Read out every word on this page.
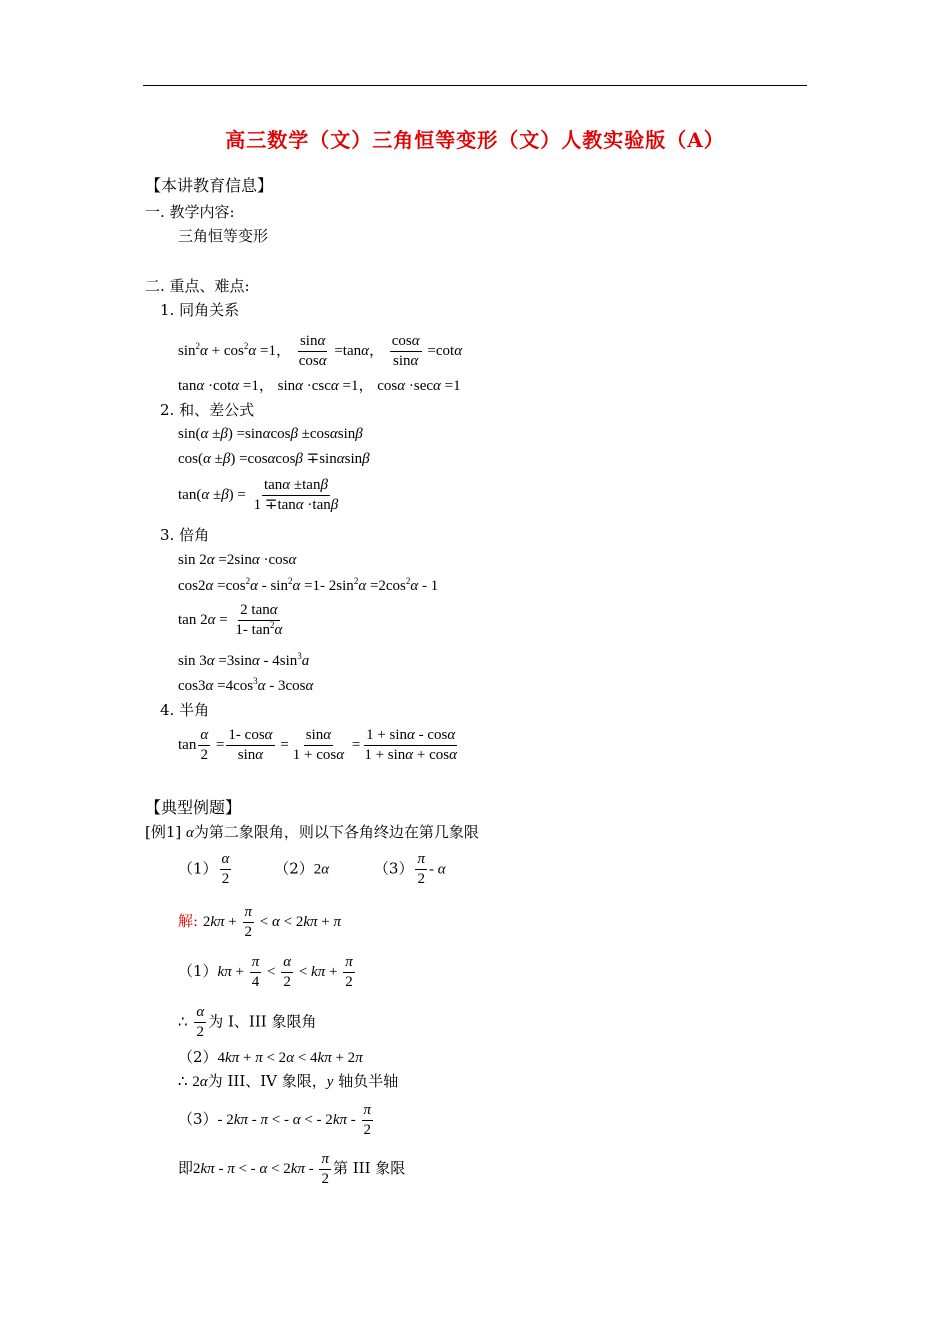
高三数学（文）三角恒等变形（文）人教实验版（A）
【本讲教育信息】
一. 教学内容:
三角恒等变形
二. 重点、难点:
1. 同角关系
$\sin^2\alpha + \cos^2\alpha =1$， $\frac{\sin\alpha}{\cos\alpha} =\tan\alpha$， $\frac{\cos\alpha}{\sin\alpha} =\cot\alpha$
tanα ·cotα =1， sinα ·cscα =1， cosα ·secα =1
2. 和、差公式
sin(α ±β) =sinαcosβ ±cosαsinβ
cos(α ±β) =cosαcosβ ∓sinαsinβ
$\tan(\alpha \pm\beta) = \frac{\tan\alpha \pm\tan\beta}{1 \mp\tan\alpha \cdot\tan\beta}$
3. 倍角
sin 2α =2sinα ·cosα
$\cos 2\alpha =\cos^2\alpha - \sin^2\alpha =1-$ $2\sin^2\alpha =2\cos^2\alpha - 1$
$\tan 2\alpha = \frac{2 \tan\alpha}{1- \tan^2\alpha}$
$\sin 3\alpha =3\sin\alpha - 4\sin^3a$
$\cos 3\alpha =4\cos^3\alpha - 3\cos\alpha$
4. 半角
$\tan \frac{\alpha}{2} = \frac{1- \cos\alpha}{\sin\alpha} = \frac{\sin\alpha}{1 + \cos\alpha} = \frac{1 + \sin\alpha - \cos\alpha}{1 + \sin\alpha + \cos\alpha}$
【典型例题】
[例1] α为第二象限角，则以下各角终边在第几象限
$(1) \frac{\alpha}{2}$	（2）2α	$(3) \frac{\pi}{2}$ - α
解: $2k\pi + \frac{\pi}{2} < \alpha < 2k\pi + \pi$
$(1)k\pi + \frac{\pi}{4} < \frac{\alpha}{2} < k\pi + \frac{\pi}{2}$
∴ $\frac{\alpha}{2}$ 为 I、III 象限角
（2）4kπ + π < 2α < 4kπ + 2π
∴ 2α为 III、IV 象限，y 轴负半轴
（3）- 2kπ - π < - α < - $2k\pi - \frac{\pi}{2}$
即2kπ - π < - $\alpha < 2k\pi - \frac{\pi}{2}$ 第 III 象限
